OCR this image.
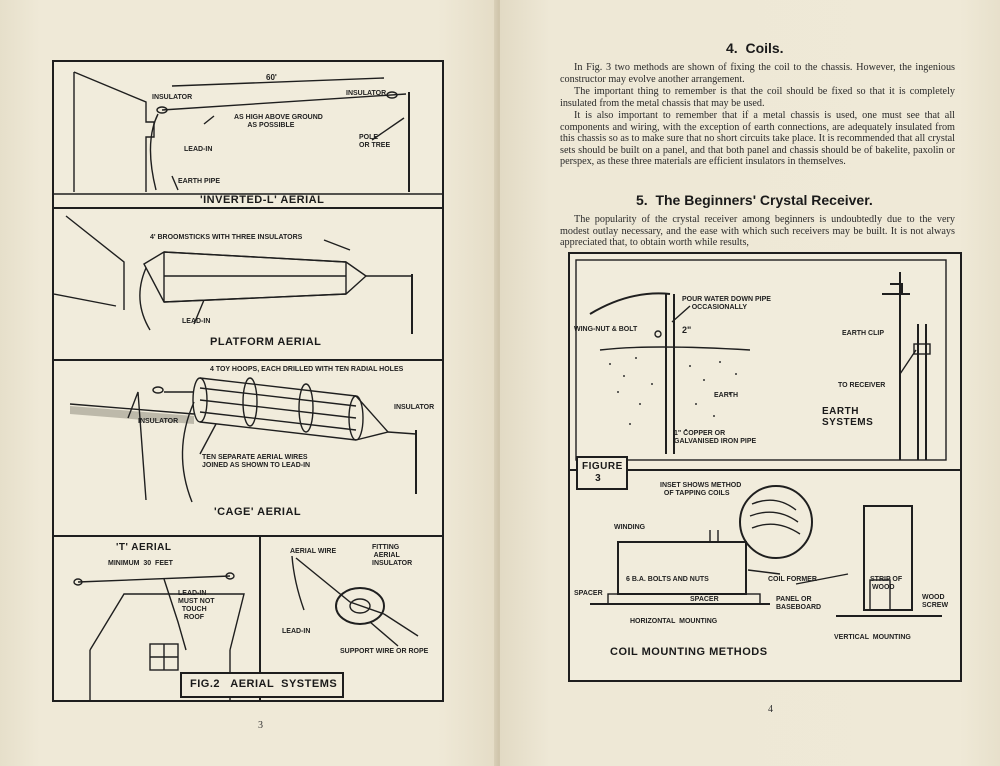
INSULATOR
INSULATOR
60'
AS HIGH ABOVE GROUND
AS POSSIBLE
LEAD-IN
POLE
OR TREE
EARTH PIPE
'INVERTED-L' AERIAL
4' BROOMSTICKS WITH THREE INSULATORS
LEAD-IN
PLATFORM AERIAL
4 TOY HOOPS, EACH DRILLED WITH TEN RADIAL HOLES
INSULATOR
INSULATOR
TEN SEPARATE AERIAL WIRES
JOINED AS SHOWN TO LEAD-IN
'CAGE' AERIAL
'T' AERIAL
MINIMUM  30  FEET
LEAD-IN
MUST NOT
TOUCH
ROOF
AERIAL WIRE
FITTING
AERIAL
INSULATOR
LEAD-IN
SUPPORT WIRE OR ROPE
FIG.2   AERIAL  SYSTEMS
3
4.  Coils.
In Fig. 3 two methods are shown of fixing the coil to the chassis. However, the ingenious constructor may evolve another arrangement.
The important thing to remember is that the coil should be fixed so that it is completely insulated from the metal chassis that may be used.
It is also important to remember that if a metal chassis is used, one must see that all components and wiring, with the exception of earth connections, are adequately insulated from this chassis so as to make sure that no short circuits take place. It is recommended that all crystal sets should be built on a panel, and that both panel and chassis should be of bakelite, paxolin or perspex, as these three materials are efficient insulators in themselves.
5.  The Beginners' Crystal Receiver.
The popularity of the crystal receiver among beginners is undoubtedly due to the very modest outlay necessary, and the ease with which such receivers may be built. It is not always appreciated that, to obtain worth while results,
POUR WATER DOWN PIPE
OCCASIONALLY
WING-NUT & BOLT	2"
EARTH
1" COPPER OR
GALVANISED IRON PIPE
EARTH CLIP
TO RECEIVER
EARTH
SYSTEMS
FIGURE
3
INSET SHOWS METHOD
OF TAPPING COILS
WINDING
6 B.A. BOLTS AND NUTS	COIL FORMER
SPACER
SPACER	PANEL OR
BASEBOARD
STRIP OF
WOOD
WOOD
SCREW
HORIZONTAL  MOUNTING
VERTICAL  MOUNTING
COIL MOUNTING METHODS
4
